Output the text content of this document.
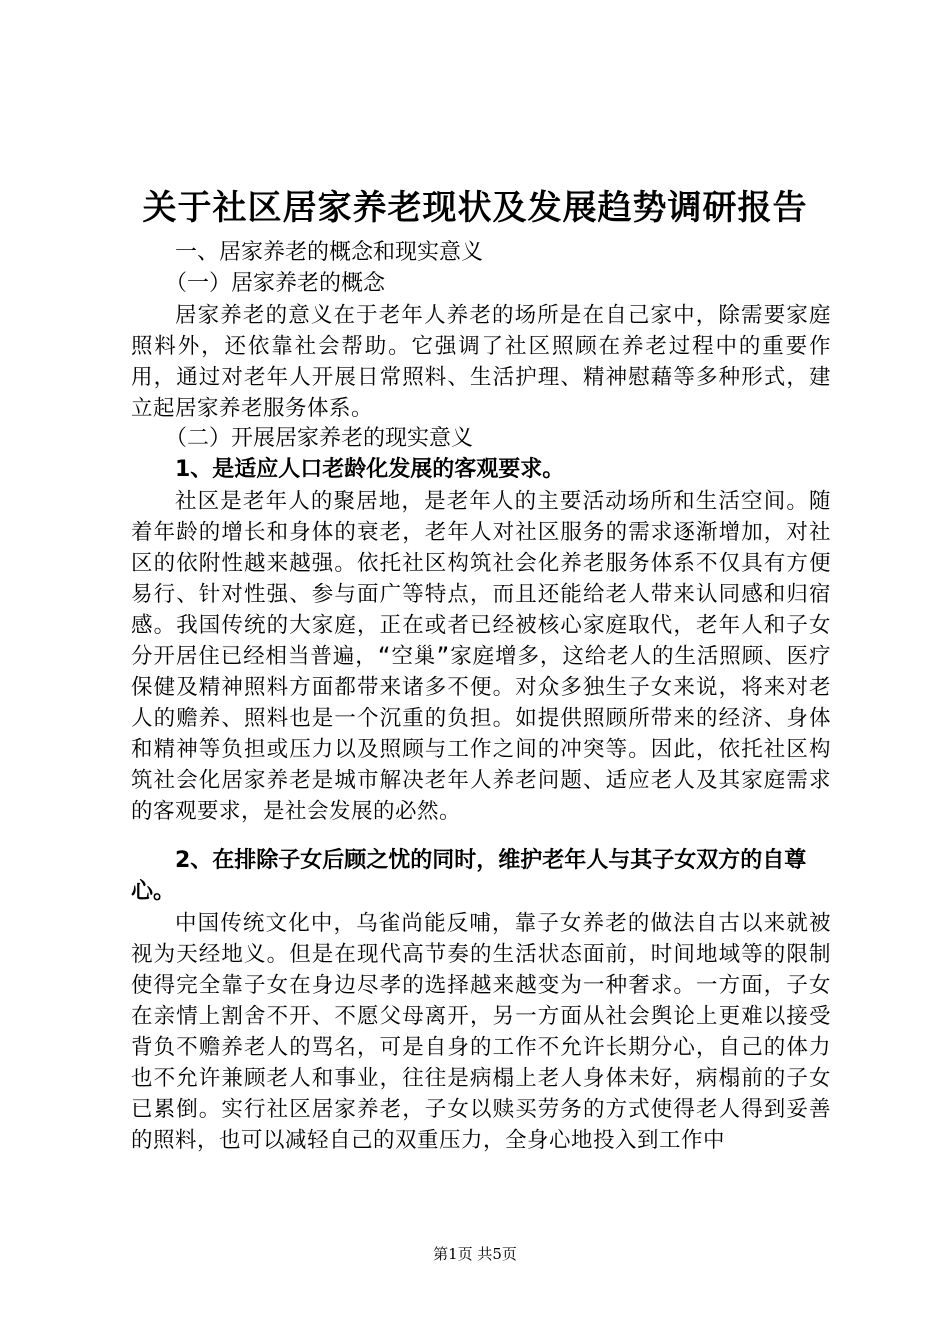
关于社区居家养老现状及发展趋势调研报告
一、居家养老的概念和现实意义
（一）居家养老的概念

居家养老的意义在于老年人养老的场所是在自己家中，除需要家庭照料外，还依靠社会帮助。它强调了社区照顾在养老过程中的重要作用，通过对老年人开展日常照料、生活护理、精神慰藉等多种形式，建立起居家养老服务体系。

（二）开展居家养老的现实意义
1、是适应人口老龄化发展的客观要求。

社区是老年人的聚居地，是老年人的主要活动场所和生活空间。随着年龄的增长和身体的衰老，老年人对社区服务的需求逐渐增加，对社区的依附性越来越强。依托社区构筑社会化养老服务体系不仅具有方便易行、针对性强、参与面广等特点，而且还能给老人带来认同感和归宿感。我国传统的大家庭，正在或者已经被核心家庭取代，老年人和子女分开居住已经相当普遍，“空巢”家庭增多，这给老人的生活照顾、医疗保健及精神照料方面都带来诸多不便。对众多独生子女来说，将来对老人的赡养、照料也是一个沉重的负担。如提供照顾所带来的经济、身体和精神等负担或压力以及照顾与工作之间的冲突等。因此，依托社区构筑社会化居家养老是城市解决老年人养老问题、适应老人及其家庭需求的客观要求，是社会发展的必然。

2、在排除子女后顾之忧的同时，维护老年人与其子女双方的自尊心。

中国传统文化中，乌雀尚能反哺，靠子女养老的做法自古以来就被视为天经地义。但是在现代高节奏的生活状态面前，时间地域等的限制使得完全靠子女在身边尽孝的选择越来越变为一种奢求。一方面，子女在亲情上割舍不开、不愿父母离开，另一方面从社会舆论上更难以接受背负不赡养老人的骂名，可是自身的工作不允许长期分心，自己的体力也不允许兼顾老人和事业，往往是病榻上老人身体未好，病榻前的子女已累倒。实行社区居家养老，子女以赎买劳务的方式使得老人得到妥善的照料，也可以减轻自己的双重压力，全身心地投入到工作中

第1页 共5页
